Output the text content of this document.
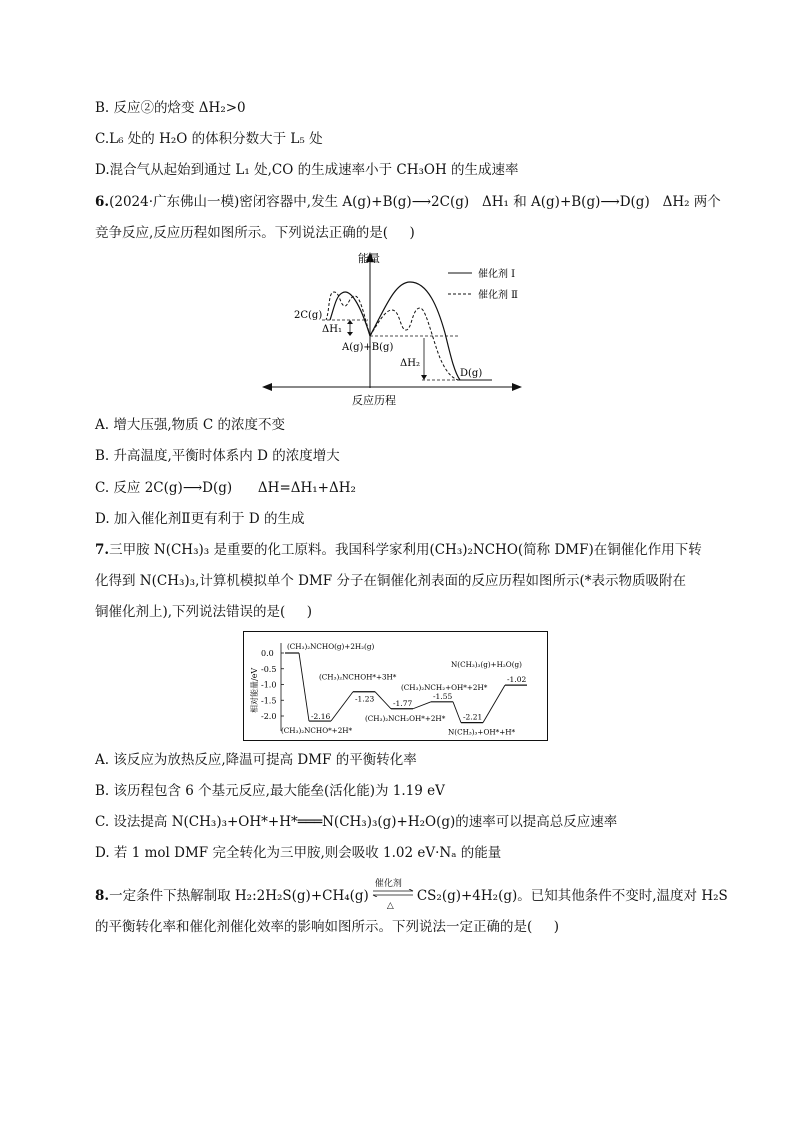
B. 反应②的焓变 ΔH₂>0
C.L₆ 处的 H₂O 的体积分数大于 L₅ 处
D.混合气从起始到通过 L₁ 处,CO 的生成速率小于 CH₃OH 的生成速率
6.(2024·广东佛山一模)密闭容器中,发生 A(g)+B(g)⟶2C(g)   ΔH₁ 和 A(g)+B(g)⟶D(g)   ΔH₂ 两个
竞争反应,反应历程如图所示。下列说法正确的是(     )
能量
反应历程
催化剂 Ⅰ
催化剂 Ⅱ
2C(g)
ΔH₁
A(g)+B(g)
D(g)
ΔH₂
A. 增大压强,物质 C 的浓度不变
B. 升高温度,平衡时体系内 D 的浓度增大
C. 反应 2C(g)⟶D(g)      ΔH=ΔH₁+ΔH₂
D. 加入催化剂Ⅱ更有利于 D 的生成
7.三甲胺 N(CH₃)₃ 是重要的化工原料。我国科学家利用(CH₃)₂NCHO(简称 DMF)在铜催化作用下转
化得到 N(CH₃)₃,计算机模拟单个 DMF 分子在铜催化剂表面的反应历程如图所示(*表示物质吸附在
铜催化剂上),下列说法错误的是(     )
相对能量/eV
0.0
-0.5
-1.0
-1.5
-2.0
(CH₃)₂NCHO(g)+2H₂(g)
(CH₃)₂NCHO*+2H*
-2.16
(CH₃)₂NCHOH*+3H*
-1.23
(CH₃)₂NCH₂OH*+2H*
-1.77
(CH₃)₂NCH₂+OH*+2H*
-1.55
N(CH₃)₃+OH*+H*
-2.21
N(CH₃)₃(g)+H₂O(g)
-1.02
A. 该反应为放热反应,降温可提高 DMF 的平衡转化率
B. 该历程包含 6 个基元反应,最大能垒(活化能)为 1.19 eV
C. 设法提高 N(CH₃)₃+OH*+H*═══N(CH₃)₃(g)+H₂O(g)的速率可以提高总反应速率
D. 若 1 mol DMF 完全转化为三甲胺,则会吸收 1.02 eV·Nₐ 的能量
8.一定条件下热解制取 H₂:2H₂S(g)+CH₄(g)
催化剂
△
CS₂(g)+4H₂(g)。已知其他条件不变时,温度对 H₂S
的平衡转化率和催化剂催化效率的影响如图所示。下列说法一定正确的是(     )
